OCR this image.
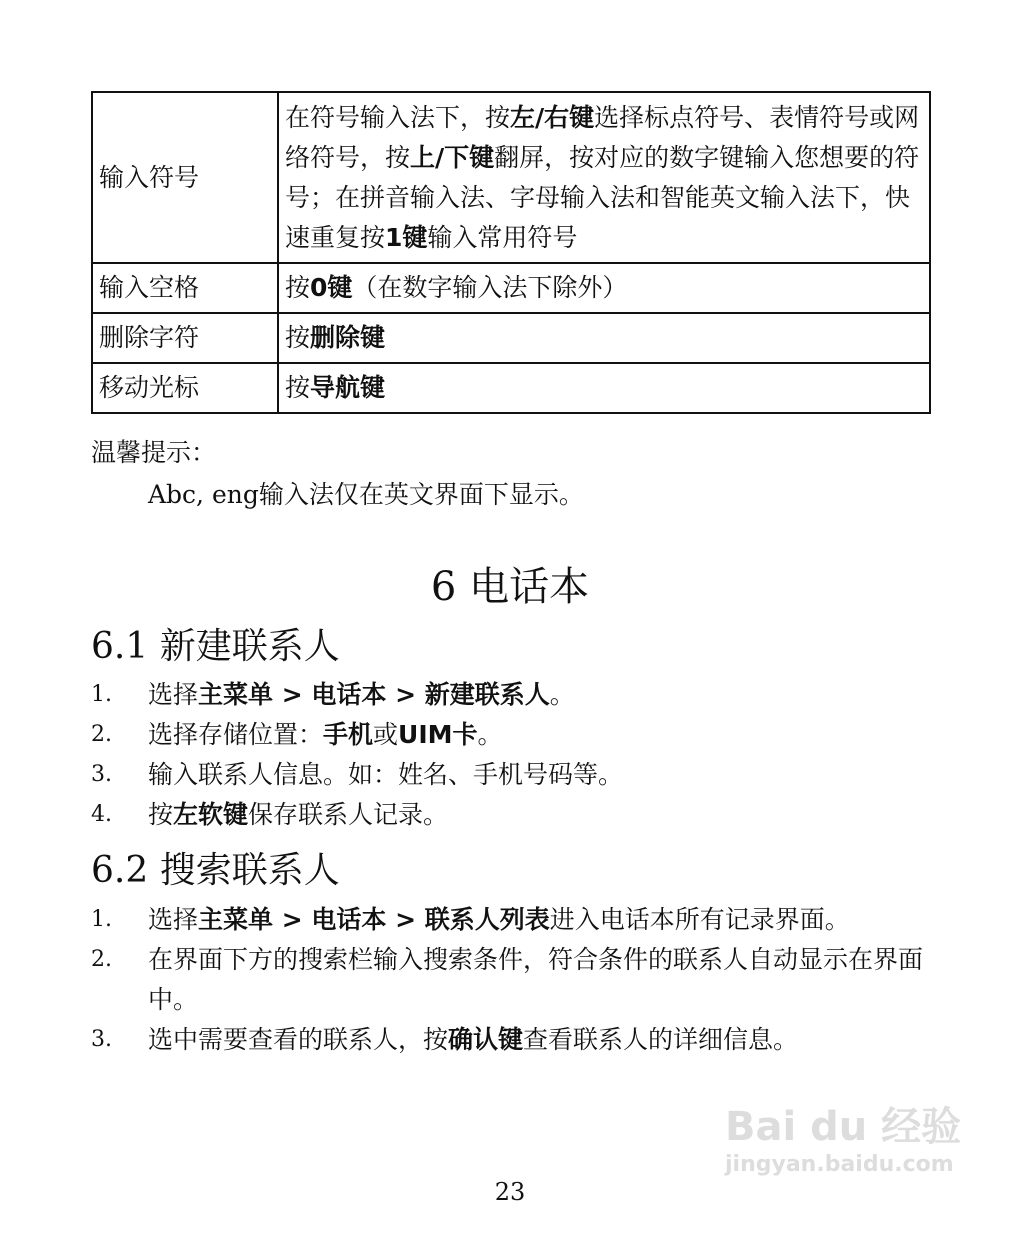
输入符号	在符号输入法下，按左/右键选择标点符号、表情符号或网络符号，按上/下键翻屏，按对应的数字键输入您想要的符号；在拼音输入法、字母输入法和智能英文输入法下，快速重复按1键输入常用符号
输入空格	按0键（在数字输入法下除外）
删除字符	按删除键
移动光标	按导航键
温馨提示：
Abc, eng输入法仅在英文界面下显示。
6 电话本
6.1 新建联系人
1. 选择主菜单 > 电话本 > 新建联系人。
2. 选择存储位置：手机或UIM卡。
3. 输入联系人信息。如：姓名、手机号码等。
4. 按左软键保存联系人记录。
6.2 搜索联系人
1. 选择主菜单 > 电话本 > 联系人列表进入电话本所有记录界面。
2. 在界面下方的搜索栏输入搜索条件，符合条件的联系人自动显示在界面中。
3. 选中需要查看的联系人，按确认键查看联系人的详细信息。
Bai du 经验
jingyan.baidu.com
23
